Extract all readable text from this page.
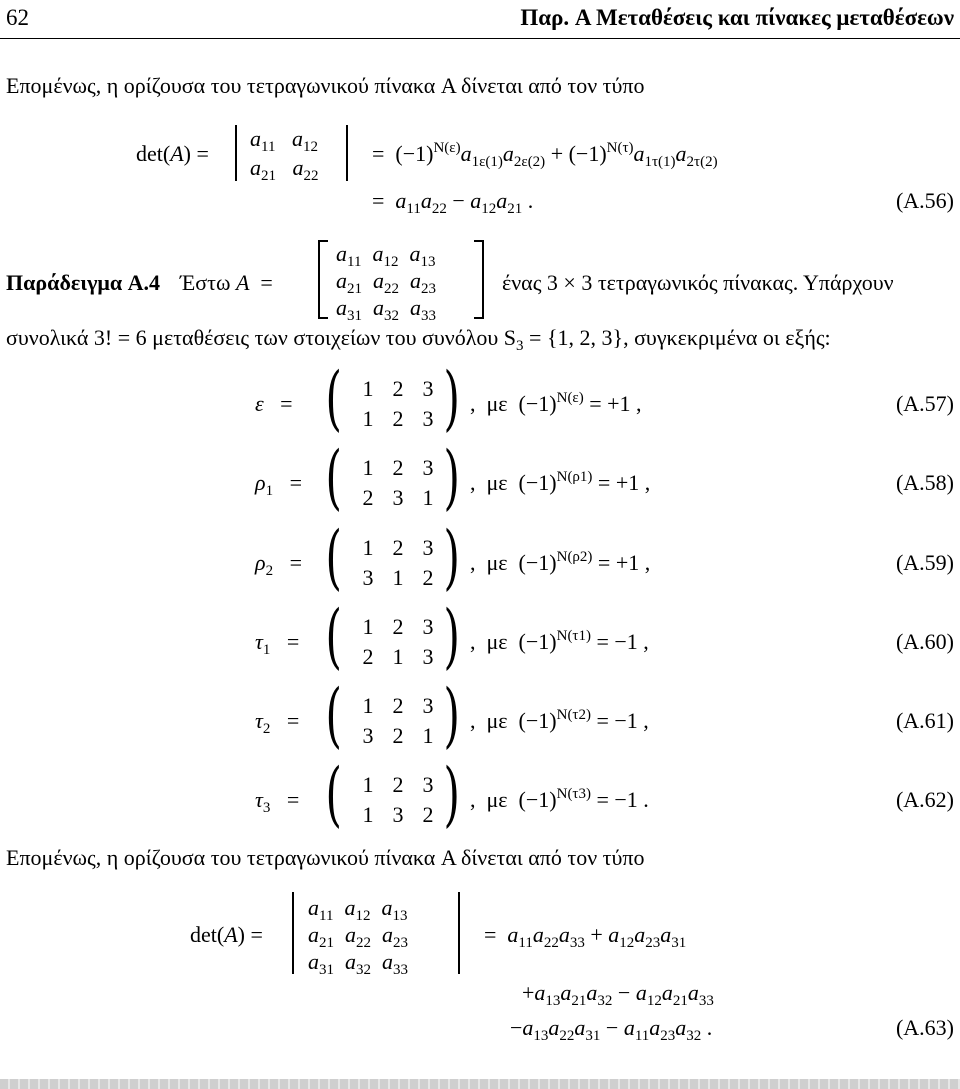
62	Παρ. A Μεταθέσεις και πίνακες μεταθέσεων
Επομένως, η ορίζουσα του τετραγωνικού πίνακα A δίνεται από τον τύπο
det(A) =
$a_{11}$ $a_{12}$
$a_{21}$ $a_{22}$
=  $(-1)^{N(\varepsilon)}a_{1\varepsilon(1)}a_{2\varepsilon(2)} + (-1)^{N(\tau)}a_{1\tau(1)}a_{2\tau(2)}$
=  $a_{11}a_{22} - a_{12}a_{21}$ .	(A.56)
Παράδειγμα A.4 Έστω A  =
$a_{11}$ $a_{12}$ $a_{13}$
$a_{21}$ $a_{22}$ $a_{23}$
$a_{31}$ $a_{32}$ $a_{33}$
ένας 3 × 3 τετραγωνικός πίνακας. Υπάρχουν
συνολικά 3! = 6 μεταθέσεις των στοιχείων του συνόλου $S_3 = \{1$, 2, 3}, συγκεκριμένα οι εξής:
ε   = ( )
1 2 3
1 2 3
,  με  $(-1)^{N(\varepsilon)} = +1$ ,	(A.57)
$\rho_1$   = ( )
1 2 3
2 3 1
,  με  $(-1)^{N(\rho 1)} = +1$ ,	(A.58)
$\rho_2$   = ( )
1 2 3
3 1 2
,  με  $(-1)^{N(\rho 2)} = +1$ ,	(A.59)
$\tau_1$   = ( )
1 2 3
2 1 3
,  με  $(-1)^{N(\tau 1)} = -1$ ,	(A.60)
$\tau_2$   = ( )
1 2 3
3 2 1
,  με  $(-1)^{N(\tau 2)} = -1$ ,	(A.61)
$\tau_3$   = ( )
1 2 3
1 3 2
,  με  $(-1)^{N(\tau 3)} = -1$ .	(A.62)
Επομένως, η ορίζουσα του τετραγωνικού πίνακα A δίνεται από τον τύπο
det(A) =
$a_{11}$ $a_{12}$ $a_{13}$
$a_{21}$ $a_{22}$ $a_{23}$
$a_{31}$ $a_{32}$ $a_{33}$
=  $a_{11}a_{22}a_{33} + a_{12}a_{23}a_{31}$
$+a_{13}a_{21}a_{32} - a_{12}a_{21}a_{33}$
$-a_{13}a_{22}a_{31} - a_{11}a_{23}a_{32}$ .	(A.63)
